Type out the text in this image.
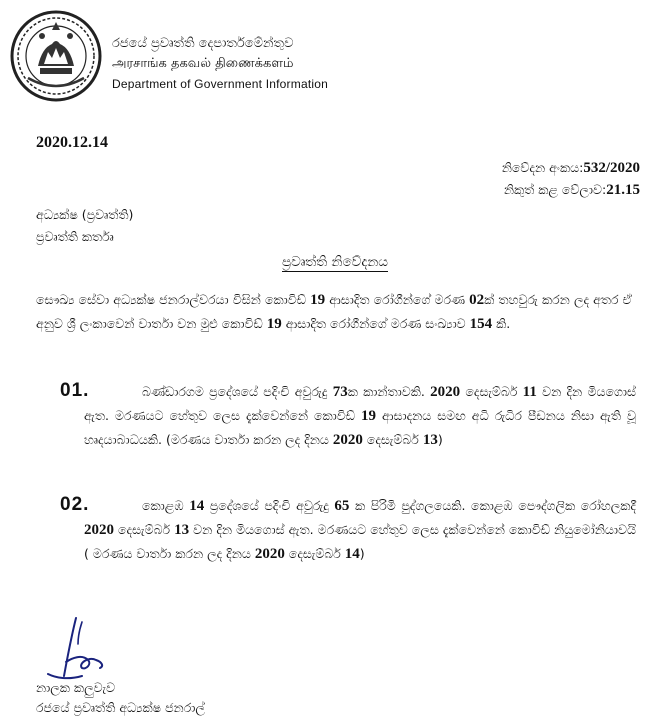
රජයේ ප්‍රවෘත්ති දෙපාර්තමේන්තුව
அரசாங்க தகவல் திணைக்களம்
Department of Government Information
2020.12.14
නිවේදන අංකය:532/2020
නිකුත් කළ වේලාව:21.15
අධ්‍යක්ෂ (ප්‍රවෘත්ති)
ප්‍රවෘත්ති කර්තෘ
ප්‍රවෘත්ති නිවේදනය
සෞඛ්‍ය සේවා අධ්‍යක්ෂ ජනරාල්වරයා විසින් කොවිඩ් 19 ආසාදිත රෝගීන්ගේ මරණ 02ක් තහවුරු කරන ලද අතර ඒ අනුව ශ්‍රී ලංකාවෙන් වාර්තා වන මුළු කොවිඩ් 19 ආසාදිත රෝගීන්ගේ මරණ සංඛ්‍යාව 154 කි.
01.	බණ්ඩාරගම ප්‍රදේශයේ පදිංචි අවුරුදු 73ක කාන්තාවකි. 2020 දෙසැම්බර් 11 වන දින මියගොස් ඇත. මරණයට හේතුව ලෙස දැක්වෙන්නේ කොවිඩ් 19 ආසාදනය සමඟ අධි රුධිර පීඩනය නිසා ඇති වූ හෘදයාබාධයකි. (මරණය වාර්තා කරන ලද දිනය 2020 දෙසැම්බර් 13)
02.	කොළඹ 14 ප්‍රදේශයේ පදිංචි අවුරුදු 65 ක පිරිමි පුද්ගලයෙකි. කොළඹ පෞද්ගලික රෝහලකදී 2020 දෙසැම්බර් 13 වන දින මියගොස් ඇත. මරණයට හේතුව ලෙස දැක්වෙන්නේ කොවිඩ් නියුමෝනියාවයි ( මරණය වාර්තා කරන ලද දිනය 2020 දෙසැම්බර් 14)
නාලක කලුවැව
රජයේ ප්‍රවෘත්ති අධ්‍යක්ෂ ජනරාල්
